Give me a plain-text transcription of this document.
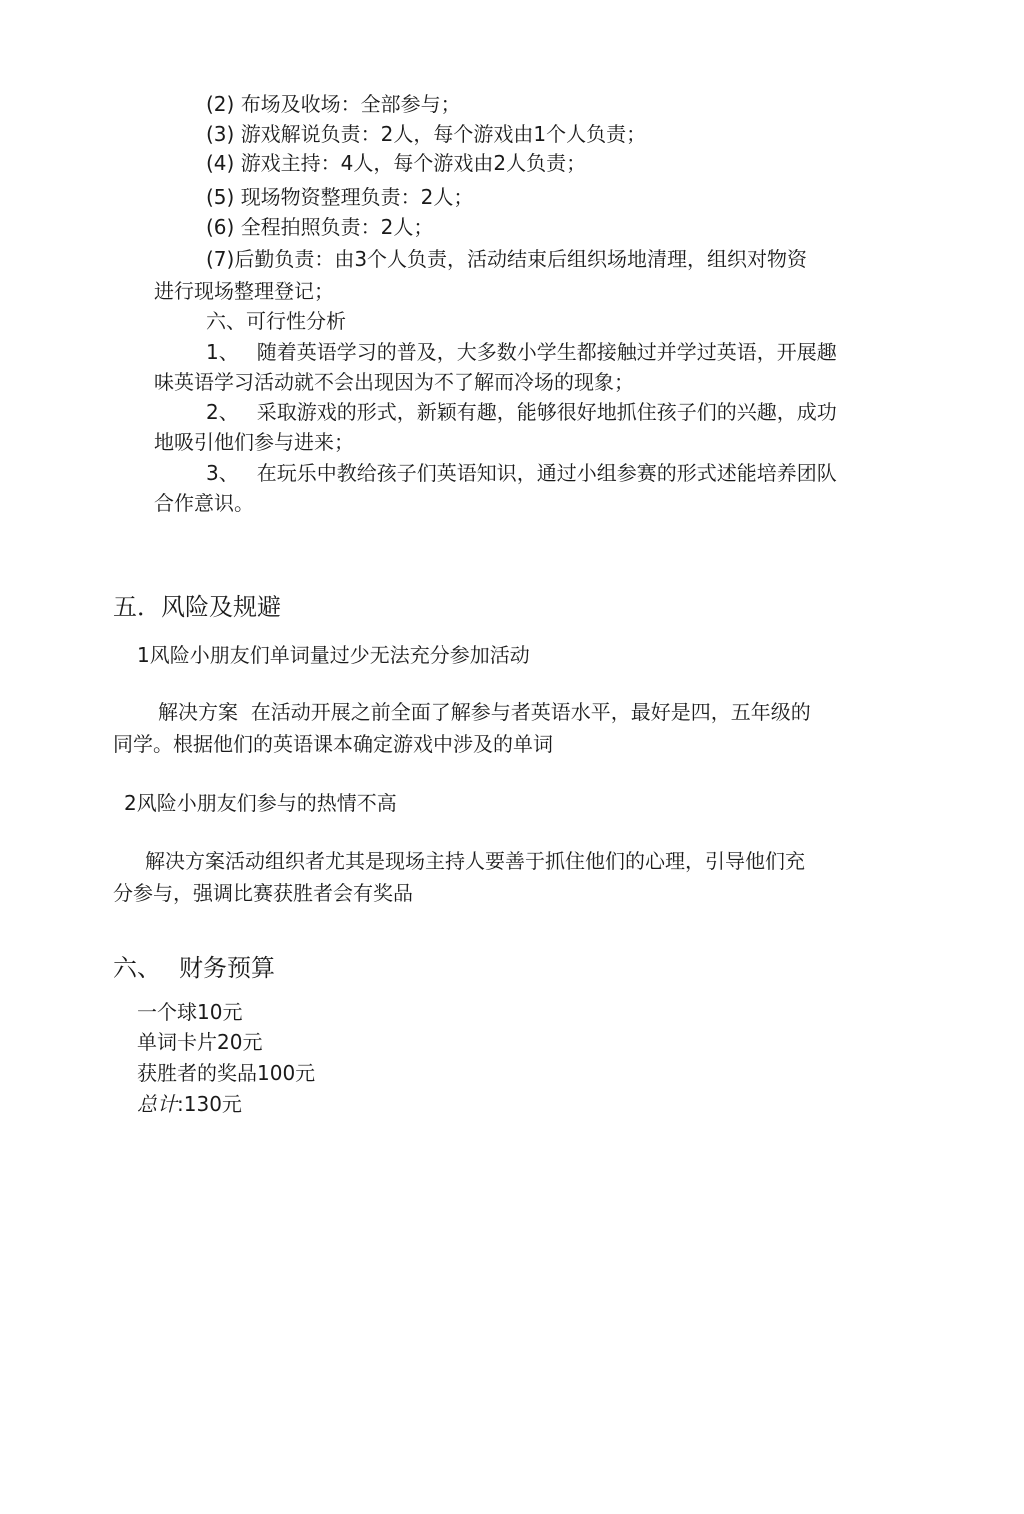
(2) 布场及收场：全部参与；
(3) 游戏解说负责：2人，每个游戏由1个人负责；
(4) 游戏主持：4人，每个游戏由2人负责；
(5) 现场物资整理负责：2人；
(6) 全程拍照负责：2人；
(7)后勤负责：由3个人负责，活动结束后组织场地清理，组织对物资
进行现场整理登记；
六、可行性分析
1、 随着英语学习的普及，大多数小学生都接触过并学过英语，开展趣
味英语学习活动就不会出现因为不了解而冷场的现象；
2、 采取游戏的形式，新颖有趣，能够很好地抓住孩子们的兴趣，成功
地吸引他们参与进来；
3、 在玩乐中教给孩子们英语知识，通过小组参赛的形式述能培养团队
合作意识。
五．风险及规避
1风险小朋友们单词量过少无法充分参加活动
解决方案  在活动开展之前全面了解参与者英语水平，最好是四，五年级的
同学。根据他们的英语课本确定游戏中涉及的单词
2风险小朋友们参与的热情不高
解决方案活动组织者尤其是现场主持人要善于抓住他们的心理，引导他们充
分参与，强调比赛获胜者会有奖品
六、 财务预算
一个球10元
单词卡片20元
获胜者的奖品100元
总计:130元
